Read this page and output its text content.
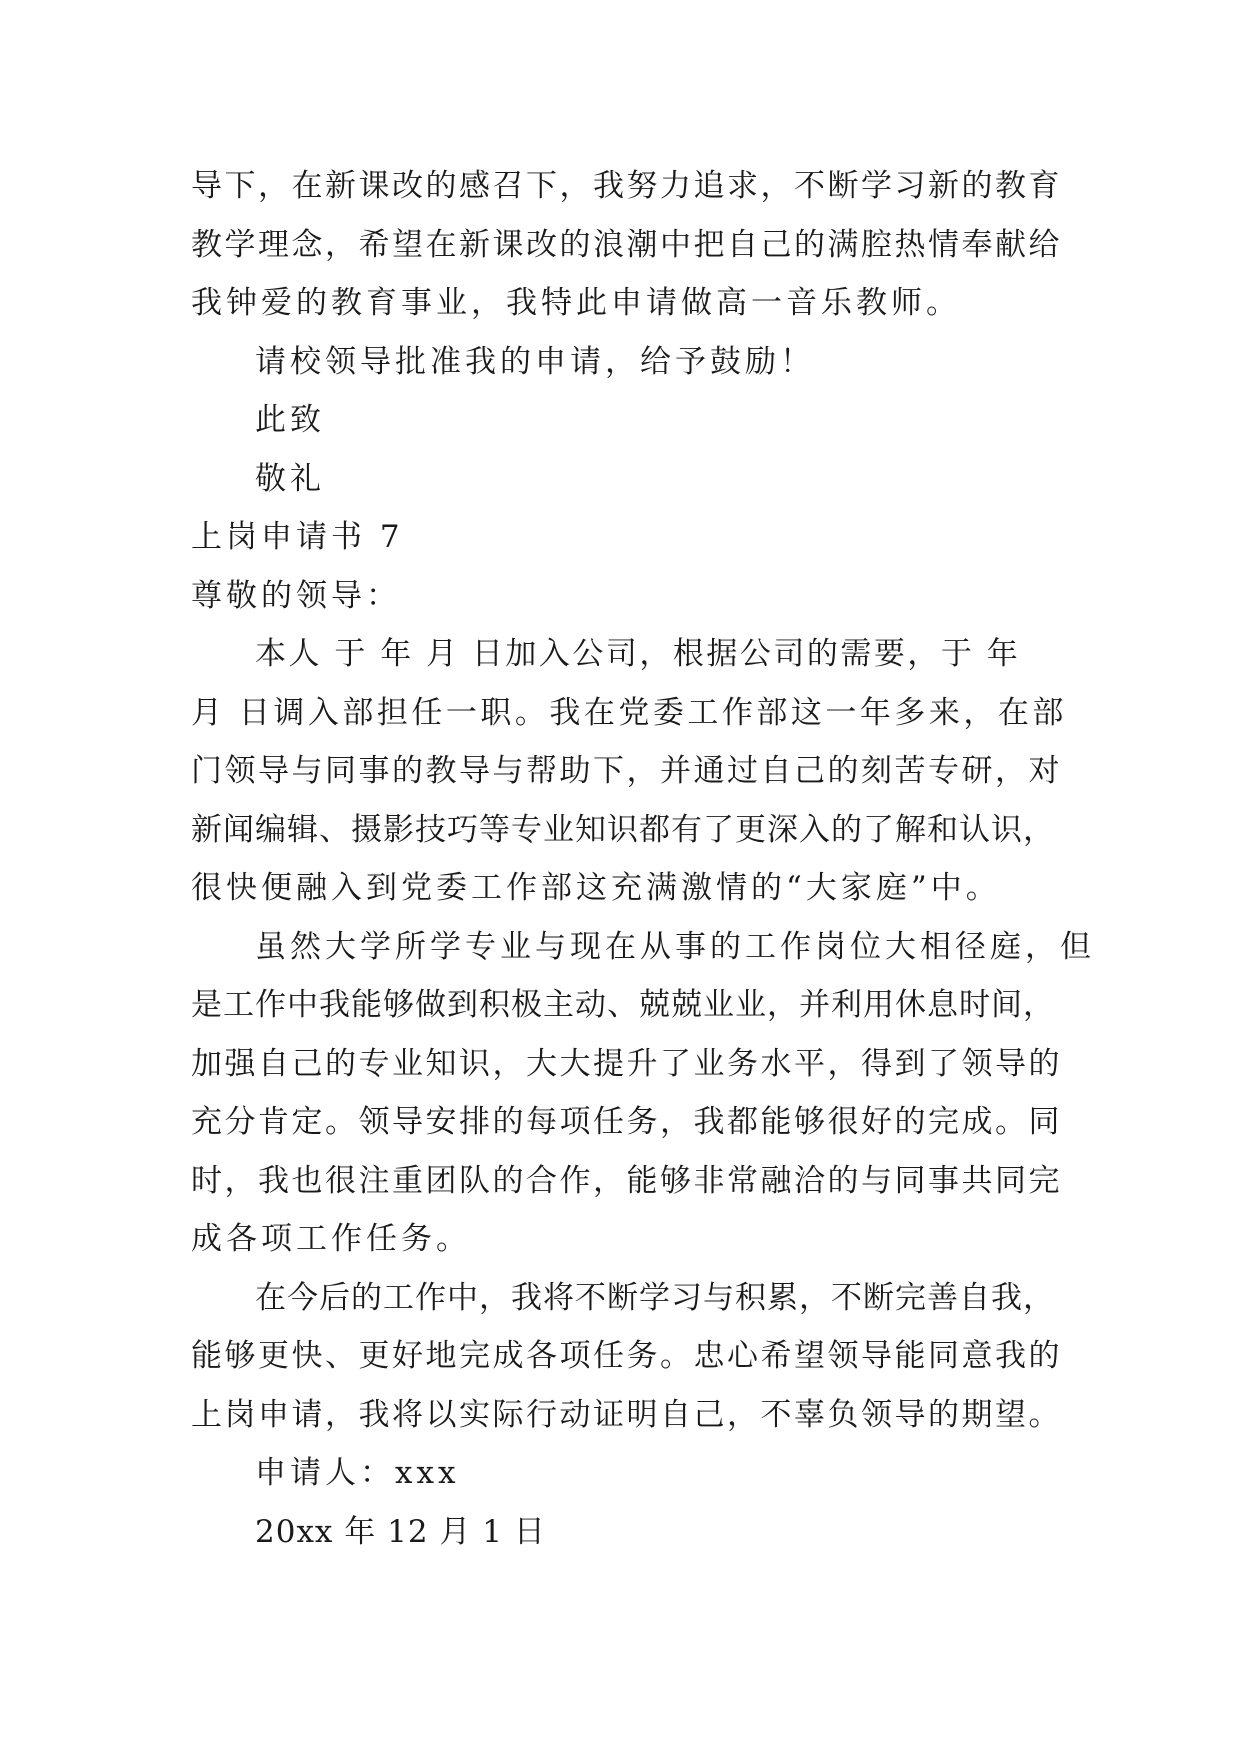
导下，在新课改的感召下，我努力追求，不断学习新的教育
教学理念，希望在新课改的浪潮中把自己的满腔热情奉献给
我钟爱的教育事业，我特此申请做高一音乐教师。
请校领导批准我的申请，给予鼓励！
此致
敬礼
上岗申请书 7
尊敬的领导：
本人 于 年 月 日加入公司，根据公司的需要，于 年
月 日调入部担任一职。我在党委工作部这一年多来，在部
门领导与同事的教导与帮助下，并通过自己的刻苦专研，对
新闻编辑、摄影技巧等专业知识都有了更深入的了解和认识，
很快便融入到党委工作部这充满激情的“大家庭”中。
虽然大学所学专业与现在从事的工作岗位大相径庭，但
是工作中我能够做到积极主动、兢兢业业，并利用休息时间，
加强自己的专业知识，大大提升了业务水平，得到了领导的
充分肯定。领导安排的每项任务，我都能够很好的完成。同
时，我也很注重团队的合作，能够非常融洽的与同事共同完
成各项工作任务。
在今后的工作中，我将不断学习与积累，不断完善自我，
能够更快、更好地完成各项任务。忠心希望领导能同意我的
上岗申请，我将以实际行动证明自己，不辜负领导的期望。
申请人：xxx
20xx 年 12 月 1 日
